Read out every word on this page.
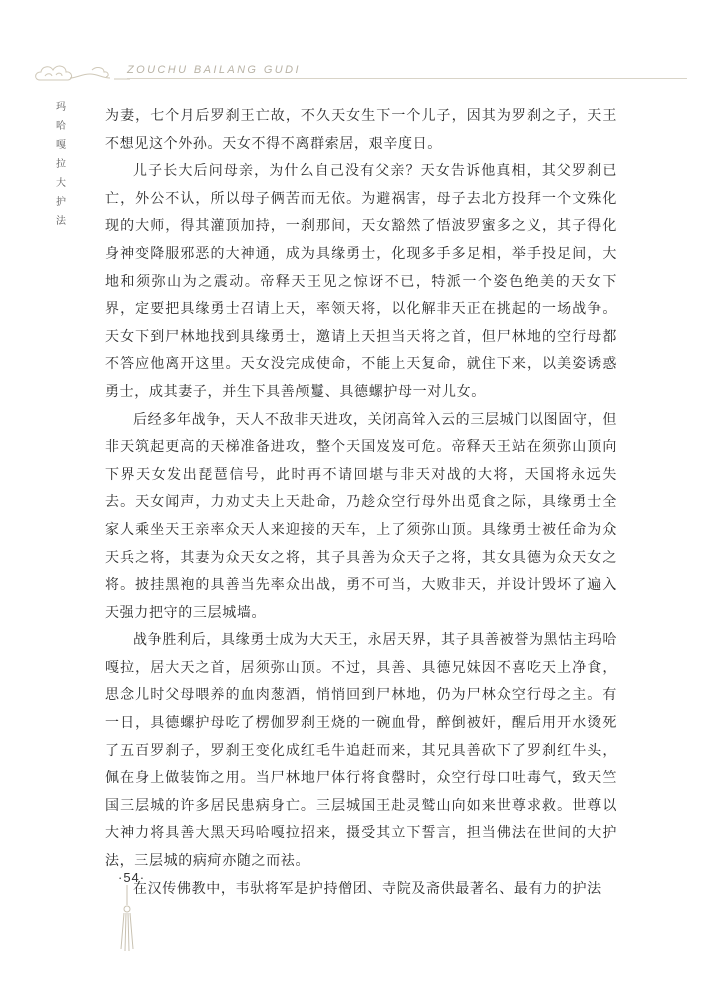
ZOUCHU BAILANG GUDI
玛
哈
嘎
拉
大
护
法

为妻，七个月后罗刹王亡故，不久天女生下一个儿子，因其为罗刹之子，天王不想见这个外孙。天女不得不离群索居，艰辛度日。

儿子长大后问母亲，为什么自己没有父亲？天女告诉他真相，其父罗刹已亡，外公不认，所以母子俩苦而无依。为避祸害，母子去北方投拜一个文殊化现的大师，得其灌顶加持，一刹那间，天女豁然了悟波罗蜜多之义，其子得化身神变降服邪恶的大神通，成为具缘勇士，化现多手多足相，举手投足间，大地和须弥山为之震动。帝释天王见之惊讶不已，特派一个姿色绝美的天女下界，定要把具缘勇士召请上天，率领天将，以化解非天正在挑起的一场战争。天女下到尸林地找到具缘勇士，邀请上天担当天将之首，但尸林地的空行母都不答应他离开这里。天女没完成使命，不能上天复命，就住下来，以美姿诱惑勇士，成其妻子，并生下具善颅鬘、具德螺护母一对儿女。

后经多年战争，天人不敌非天进攻，关闭高耸入云的三层城门以图固守，但非天筑起更高的天梯准备进攻，整个天国岌岌可危。帝释天王站在须弥山顶向下界天女发出琵琶信号，此时再不请回堪与非天对战的大将，天国将永远失去。天女闻声，力劝丈夫上天赴命，乃趁众空行母外出觅食之际，具缘勇士全家人乘坐天王亲率众天人来迎接的天车，上了须弥山顶。具缘勇士被任命为众天兵之将，其妻为众天女之将，其子具善为众天子之将，其女具德为众天女之将。披挂黑袍的具善当先率众出战，勇不可当，大败非天，并设计毁坏了遍入天强力把守的三层城墙。

战争胜利后，具缘勇士成为大天王，永居天界，其子具善被誉为黑怙主玛哈嘎拉，居大天之首，居须弥山顶。不过，具善、具德兄妹因不喜吃天上净食，思念儿时父母喂养的血肉葱酒，悄悄回到尸林地，仍为尸林众空行母之主。有一日，具德螺护母吃了楞伽罗刹王烧的一碗血骨，醉倒被奸，醒后用开水烫死了五百罗刹子，罗刹王变化成红毛牛追赶而来，其兄具善砍下了罗刹红牛头，佩在身上做装饰之用。当尸林地尸体行将食罄时，众空行母口吐毒气，致天竺国三层城的许多居民患病身亡。三层城国王赴灵鹫山向如来世尊求救。世尊以大神力将具善大黑天玛哈嘎拉招来，摄受其立下誓言，担当佛法在世间的大护法，三层城的病疴亦随之而祛。

在汉传佛教中，韦驮将军是护持僧团、寺院及斋供最著名、最有力的护法

·54·
